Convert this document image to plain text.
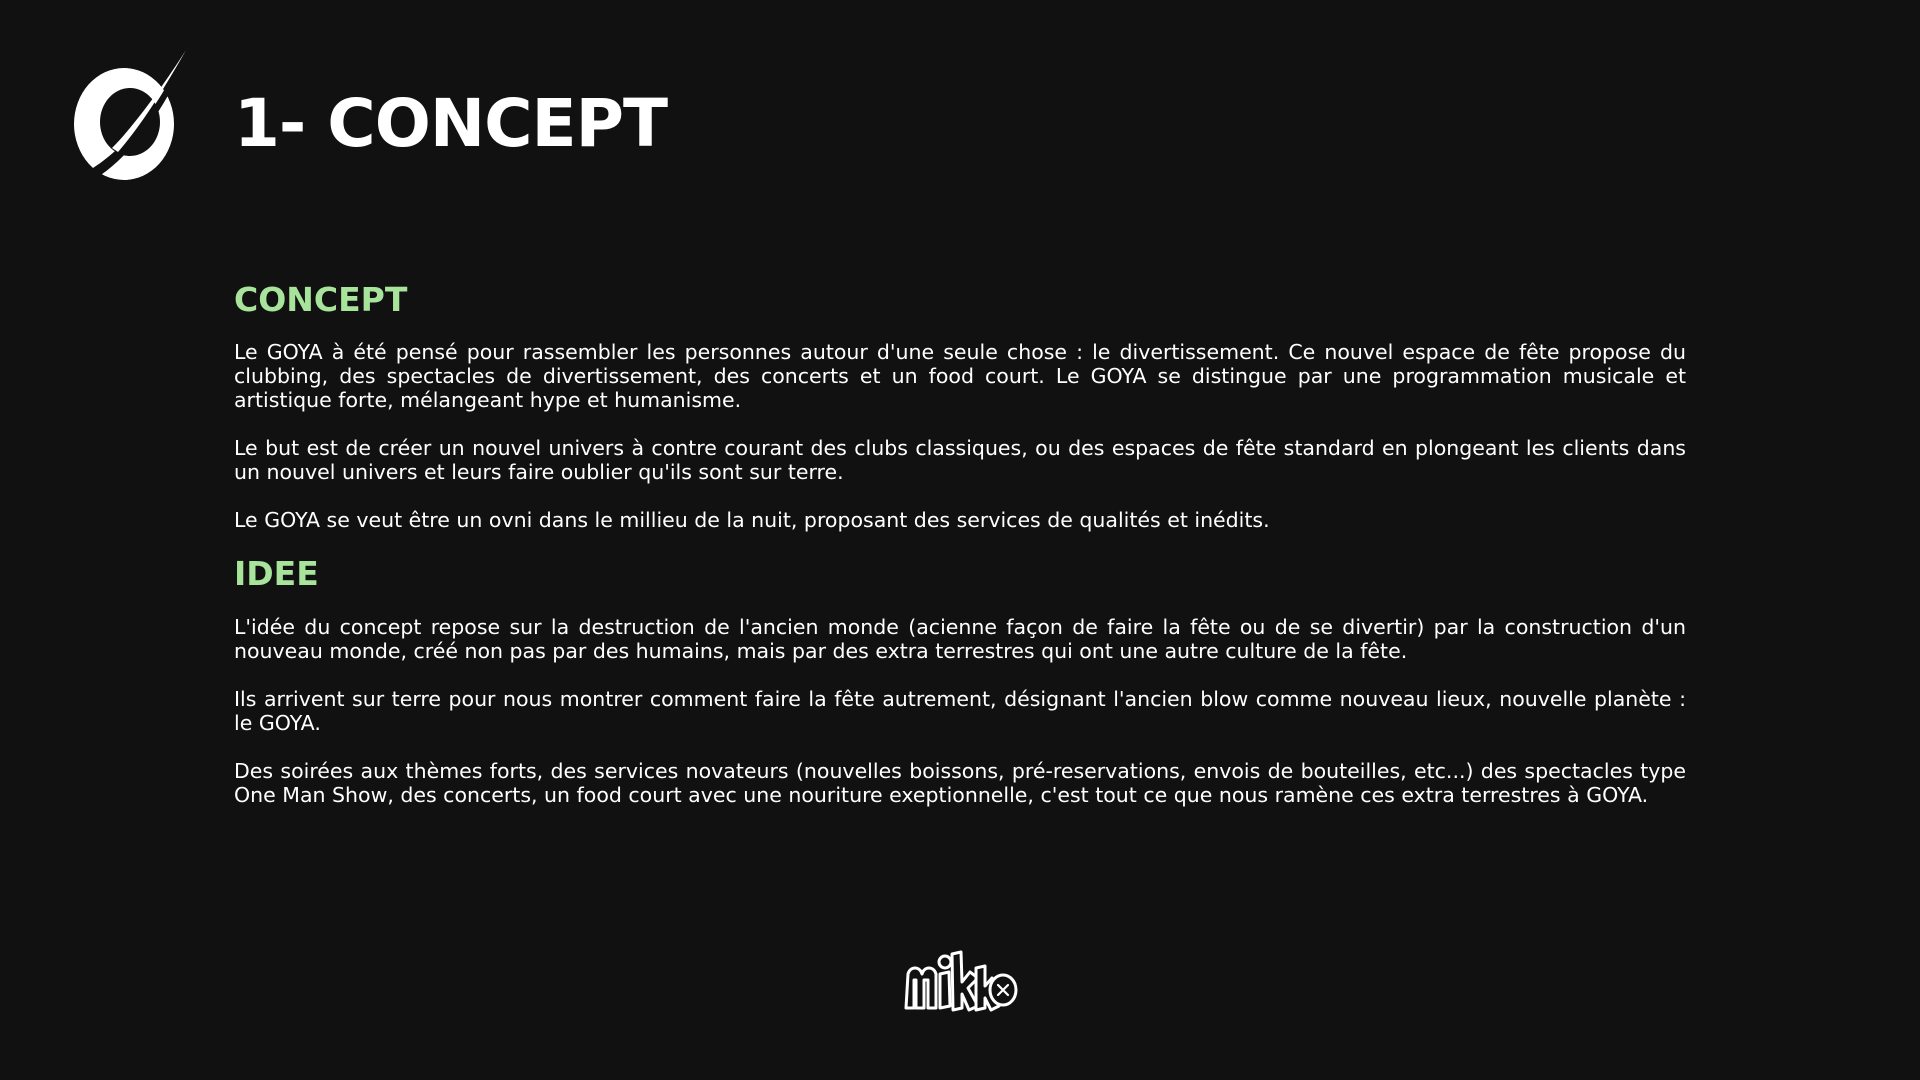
1- CONCEPT
CONCEPT

Le GOYA à été pensé pour rassembler les personnes autour d'une seule chose : le divertissement. Ce nouvel espace de fête propose du clubbing, des spectacles de divertissement, des concerts et un food court. Le GOYA se distingue par une programmation musicale et artistique forte, mélangeant hype et humanisme.

Le but est de créer un nouvel univers à contre courant des clubs classiques, ou des espaces de fête standard en plongeant les clients dans un nouvel univers et leurs faire oublier qu'ils sont sur terre.

Le GOYA se veut être un ovni dans le millieu de la nuit, proposant des services de qualités et inédits.

IDEE

L'idée du concept repose sur la destruction de l'ancien monde (acienne façon de faire la fête ou de se divertir) par la construction d'un nouveau monde, créé non pas par des humains, mais par des extra terrestres qui ont une autre culture de la fête.

Ils arrivent sur terre pour nous montrer comment faire la fête autrement, désignant l'ancien blow comme nouveau lieux, nouvelle planète : le GOYA.

Des soirées aux thèmes forts, des services novateurs (nouvelles boissons, pré-reservations, envois de bouteilles, etc...) des spectacles type One Man Show, des concerts, un food court avec une nouriture exeptionnelle, c'est tout ce que nous ramène ces extra terrestres à GOYA.
